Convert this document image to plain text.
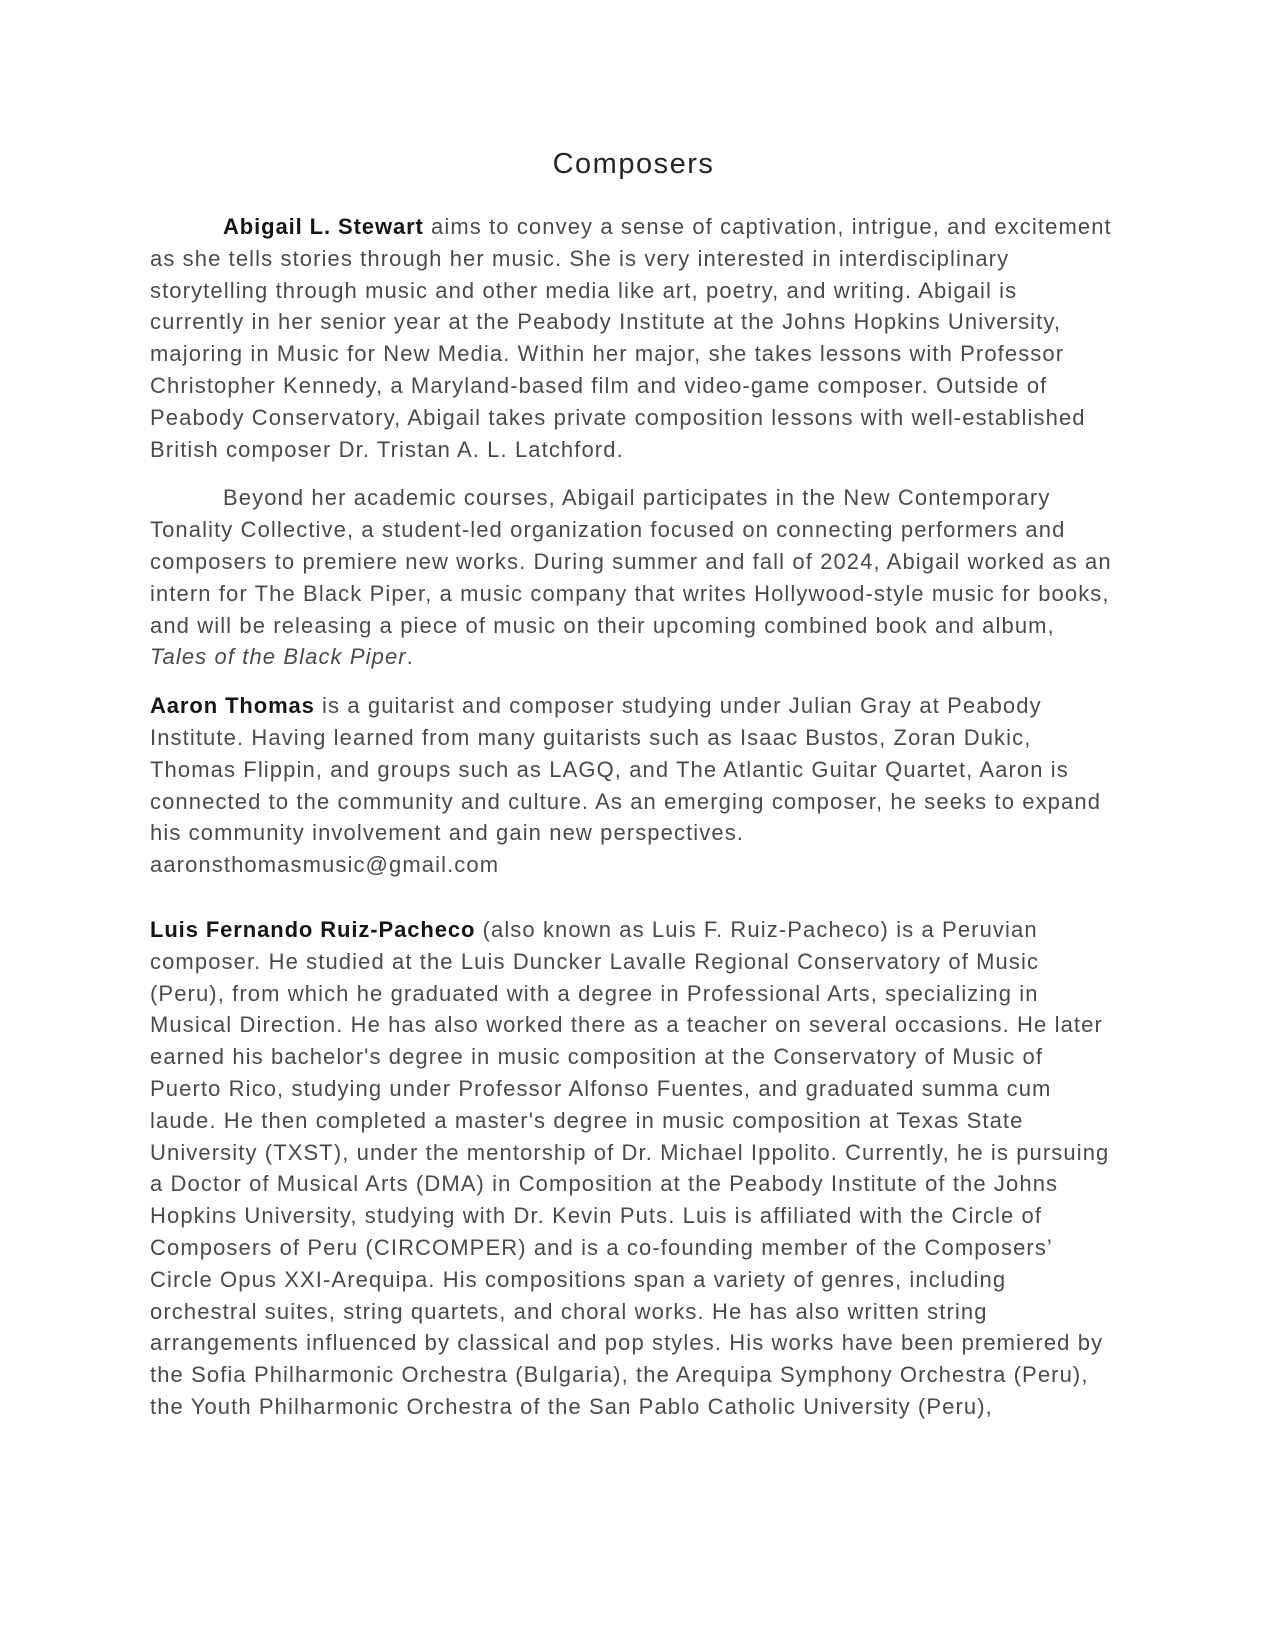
Composers

Abigail L. Stewart aims to convey a sense of captivation, intrigue, and excitement as she tells stories through her music. She is very interested in interdisciplinary storytelling through music and other media like art, poetry, and writing. Abigail is currently in her senior year at the Peabody Institute at the Johns Hopkins University, majoring in Music for New Media. Within her major, she takes lessons with Professor Christopher Kennedy, a Maryland-based film and video-game composer. Outside of Peabody Conservatory, Abigail takes private composition lessons with well-established British composer Dr. Tristan A. L. Latchford.

Beyond her academic courses, Abigail participates in the New Contemporary Tonality Collective, a student-led organization focused on connecting performers and composers to premiere new works. During summer and fall of 2024, Abigail worked as an intern for The Black Piper, a music company that writes Hollywood-style music for books, and will be releasing a piece of music on their upcoming combined book and album, Tales of the Black Piper.

Aaron Thomas is a guitarist and composer studying under Julian Gray at Peabody Institute. Having learned from many guitarists such as Isaac Bustos, Zoran Dukic, Thomas Flippin, and groups such as LAGQ, and The Atlantic Guitar Quartet, Aaron is connected to the community and culture. As an emerging composer, he seeks to expand his community involvement and gain new perspectives.
aaronsthomasmusic@gmail.com

Luis Fernando Ruiz-Pacheco (also known as Luis F. Ruiz-Pacheco) is a Peruvian composer. He studied at the Luis Duncker Lavalle Regional Conservatory of Music (Peru), from which he graduated with a degree in Professional Arts, specializing in Musical Direction. He has also worked there as a teacher on several occasions. He later earned his bachelor's degree in music composition at the Conservatory of Music of Puerto Rico, studying under Professor Alfonso Fuentes, and graduated summa cum laude. He then completed a master's degree in music composition at Texas State University (TXST), under the mentorship of Dr. Michael Ippolito. Currently, he is pursuing a Doctor of Musical Arts (DMA) in Composition at the Peabody Institute of the Johns Hopkins University, studying with Dr. Kevin Puts. Luis is affiliated with the Circle of Composers of Peru (CIRCOMPER) and is a co-founding member of the Composers’ Circle Opus XXI-Arequipa. His compositions span a variety of genres, including orchestral suites, string quartets, and choral works. He has also written string arrangements influenced by classical and pop styles. His works have been premiered by the Sofia Philharmonic Orchestra (Bulgaria), the Arequipa Symphony Orchestra (Peru), the Youth Philharmonic Orchestra of the San Pablo Catholic University (Peru),
